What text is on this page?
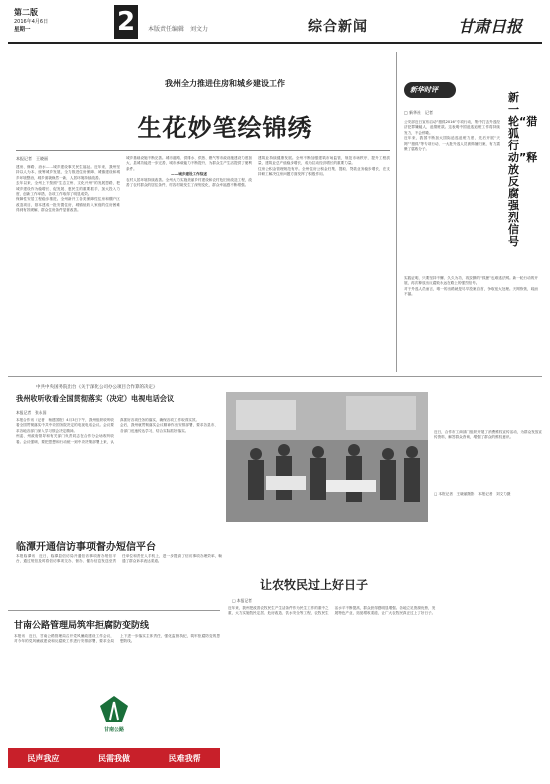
第二版
2016年4月6日
星期一	2	本版责任编辑　刘文力	综合新闻	甘肃日报
我州全力推进住房和城乡建设工作
生花妙笔绘锦绣
本报记者　王晓丽

建房、修路、治水……城乡建设事关民生福祉。近年来，我州坚持以人为本，统筹城乡发展，全力推进住房保障、城镇建设和城乡环境整治，城乡面貌焕然一新，人居环境持续改善。

去年以来，全州上下按照“生态立州、文化兴州”的发展思路，把城乡建设作为稳增长、促发展、惠民生的重要抓手，加大投入力度，创新工作举措，各项工作取得了明显成效。

保障性安居工程稳步推进。全州新开工各类保障性住房和棚户区改造项目，基本建成一批安置住房，城镇低收入家庭的住房困难得到有效缓解，群众住房条件显著改善。

城乡基础设施不断完善。城市道路、供排水、供热、燃气等市政设施建设力度加大，县城功能进一步完善，城市承载能力不断提升，为群众生产生活提供了便利条件。

——城乡建设工作综述

农村人居环境持续改善。全州大力实施美丽乡村建设和农村危旧房改造工程，改善了农村群众的居住条件，村容村貌发生了深刻变化，群众幸福感不断增强。

建筑业持续健康发展。全州不断加强建筑市场监管，规范市场秩序，提升工程质量，建筑业总产值稳步增长，成为拉动经济增长的重要力量。

住房公积金管理规范有序。全州住房公积金归集、提取、贷款业务稳步增长，在支持职工解决住房问题方面发挥了积极作用。

新华时评
新一轮“猎狐行动”释放反腐强烈信号
□ 新华社　记者

公安部近日宣布启动“猎狐2016”专项行动，集中打击外逃经济犯罪嫌疑人，追缴赃款。这表明中国追逃追赃工作将持续发力，不会停歇。

近年来，我国不断加大国际追逃追赃力度，先后开展“天网”“猎狐”等专项行动，一大批外逃人员被缉捕归案，有力震慑了腐败分子。

实践证明，只要坚持不懈、久久为功，再狡猾的“狐狸”也难逃法网。新一轮行动的开展，再次释放出反腐败永远在路上的强烈信号。

对于外逃人员而言，唯一的出路就是尽早投案自首，争取宽大处理。天网恢恢，疏而不漏。

中共中央国务院出台《关于深化公司办公项目合作算的决定》
我州收听收看全国贯彻落实（决定）电视电话会议
本报记者　张永国

本报合作讯（记者　杨建国报）4月3日下午，我州组织收听收看全国贯彻落实中共中央国务院决定的电视电话会议。会议要求各地各部门深入学习领会决定精神。

州委、州政府领导和有关部门负责同志在合作分会场收听收看。会议强调，要把思想和行动统一到中央决策部署上来，认真抓好各项任务的落实，确保各项工作取得实效。

会后，我州就贯彻落实会议精神作出安排部署，要求各县市、各部门迅速传达学习，结合实际抓好落实。	近日，合作市工商部门组织开展了消费维权宣传活动，为群众发放宣传资料，解答群众咨询，增强了群众的维权意识。
□ 本报记者　王晓丽摄影　本报记者　刘文力摄
临潭开通信访事项督办短信平台
本报临潭讯　近日，临潭县信访局开通信访事项督办短信平台，通过短信及时将信访事项交办、督办、催办信息发送至责任单位和责任人手机上，进一步提高了信访事项办理效率，畅通了群众诉求表达渠道。
让农牧民过上好日子
□ 本报记者
近年来，我州把改善农牧民生产生活条件作为民生工作的重中之重，大力实施牧民定居、危房改造、饮水安全等工程，农牧民生活水平不断提高，群众获得感明显增强。各地立足资源优势，发展特色产业，拓宽增收渠道，让广大农牧民真正过上了好日子。
甘南公路管理局筑牢拒腐防变防线
本报讯　近日，甘南公路管理局召开党风廉政建设工作会议，对今年的党风廉政建设和反腐败工作进行安排部署，要求全局上下进一步落实主体责任，强化监督执纪，筑牢拒腐防变的思想防线。
甘南公路
民声我应	民需我做	民难我帮
